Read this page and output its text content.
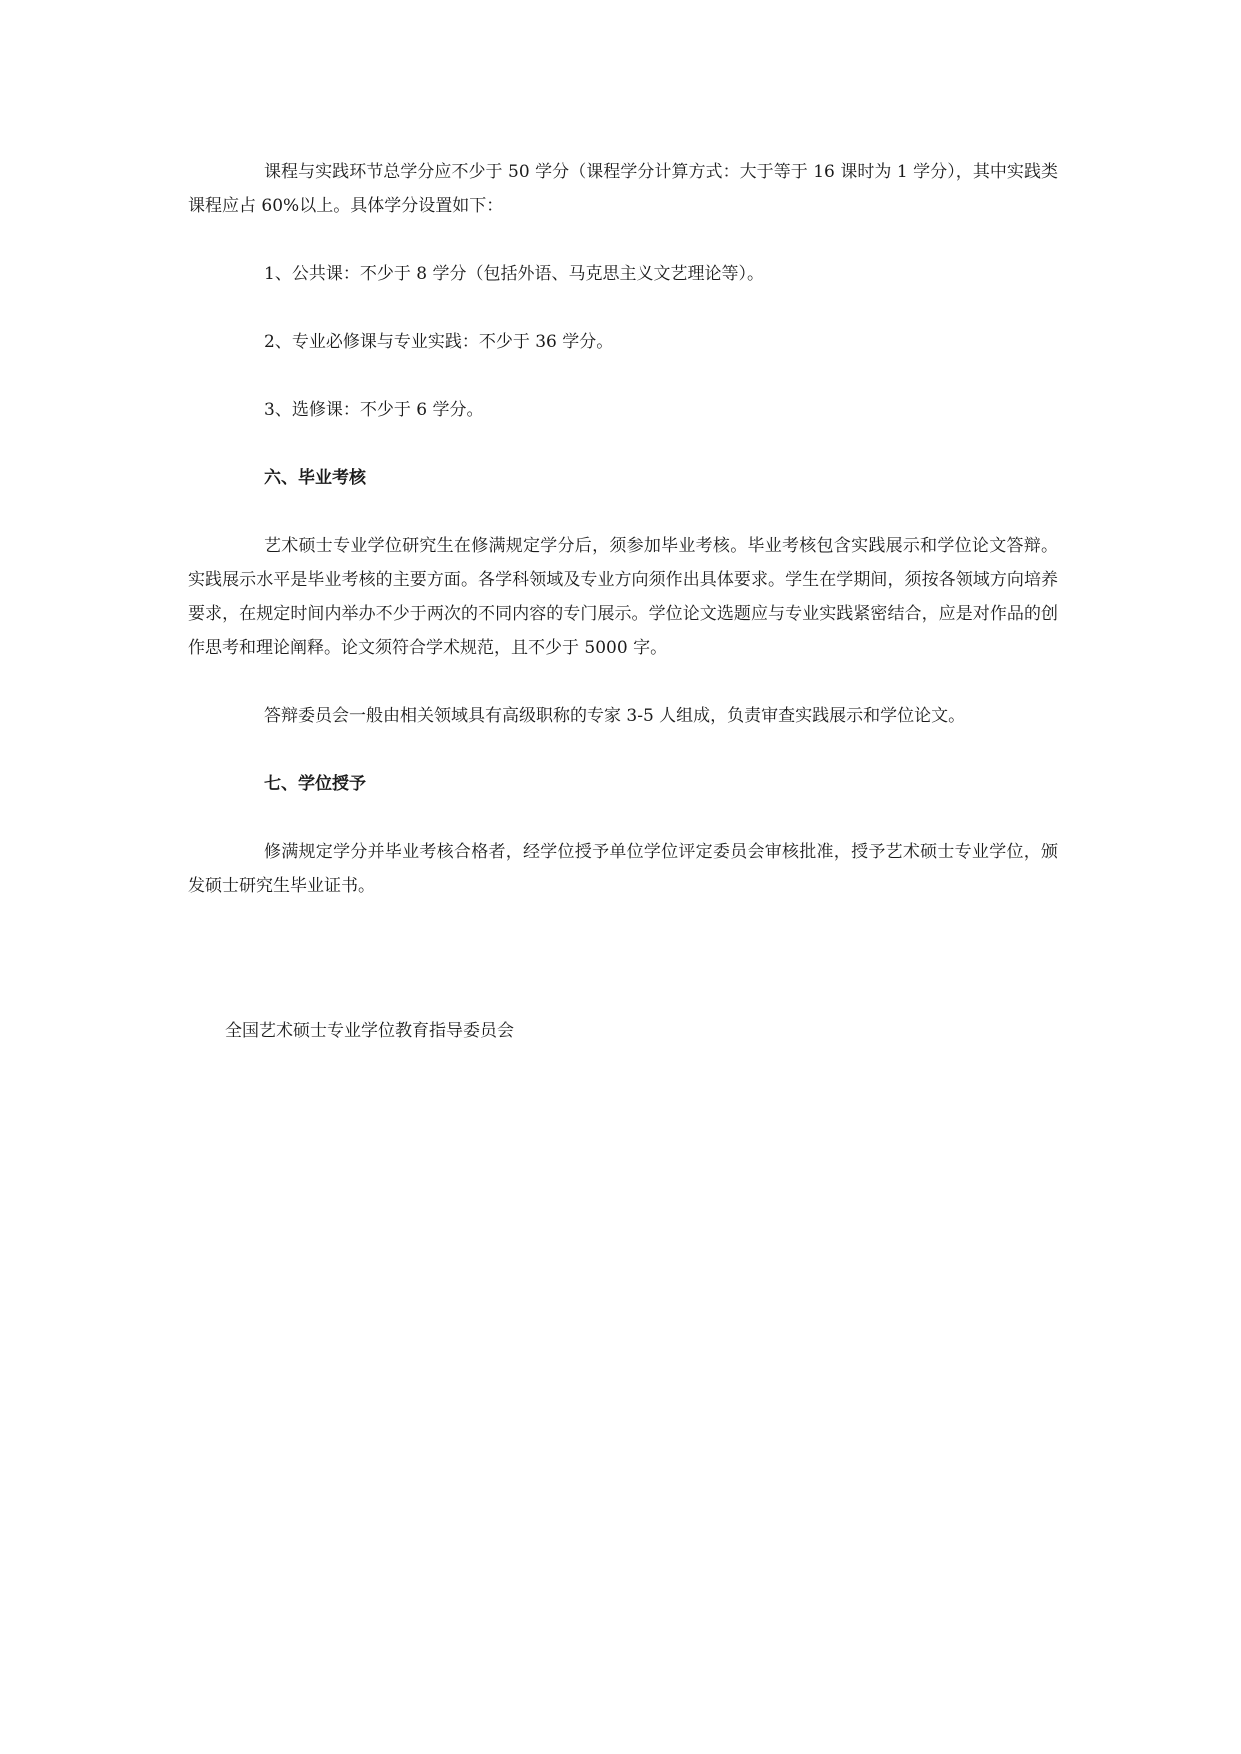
课程与实践环节总学分应不少于 50 学分（课程学分计算方式：大于等于 16 课时为 1 学分），其中实践类课程应占 60%以上。具体学分设置如下：

1、公共课：不少于 8 学分（包括外语、马克思主义文艺理论等）。

2、专业必修课与专业实践：不少于 36 学分。

3、选修课：不少于 6 学分。

六、毕业考核

艺术硕士专业学位研究生在修满规定学分后，须参加毕业考核。毕业考核包含实践展示和学位论文答辩。实践展示水平是毕业考核的主要方面。各学科领域及专业方向须作出具体要求。学生在学期间，须按各领域方向培养要求，在规定时间内举办不少于两次的不同内容的专门展示。学位论文选题应与专业实践紧密结合，应是对作品的创作思考和理论阐释。论文须符合学术规范，且不少于 5000 字。

答辩委员会一般由相关领域具有高级职称的专家 3-5 人组成，负责审查实践展示和学位论文。

七、学位授予

修满规定学分并毕业考核合格者，经学位授予单位学位评定委员会审核批准，授予艺术硕士专业学位，颁发硕士研究生毕业证书。

全国艺术硕士专业学位教育指导委员会
